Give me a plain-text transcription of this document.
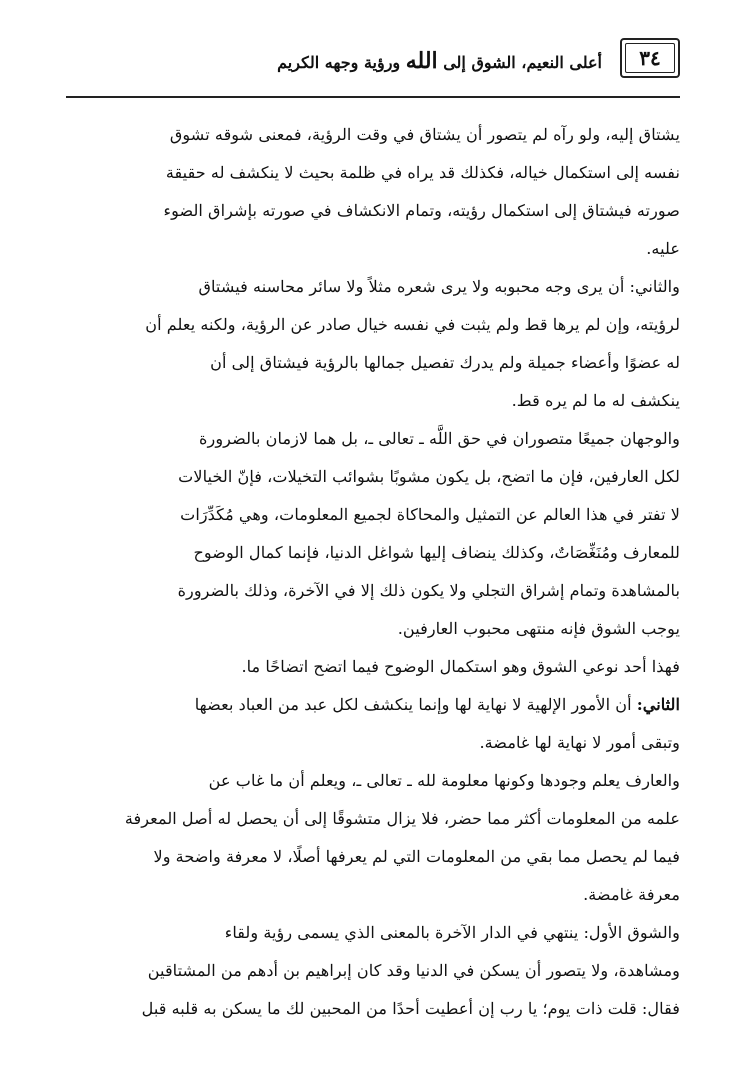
٣٤
أعلى النعيم، الشوق إلى الله ورؤية وجهه الكريم
يشتاق إليه، ولو رآه لم يتصور أن يشتاق في وقت الرؤية، فمعنى شوقه تشوق
نفسه إلى استكمال خياله، فكذلك قد يراه في ظلمة بحيث لا ينكشف له حقيقة
صورته فيشتاق إلى استكمال رؤيته، وتمام الانكشاف في صورته بإشراق الضوء
عليه.
والثاني: أن يرى وجه محبوبه ولا يرى شعره مثلاً ولا سائر محاسنه فيشتاق
لرؤيته، وإن لم يرها قط ولم يثبت في نفسه خيال صادر عن الرؤية، ولكنه يعلم أن
له عضوًا وأعضاء جميلة ولم يدرك تفصيل جمالها بالرؤية فيشتاق إلى أن
ينكشف له ما لم يره قط.
والوجهان جميعًا متصوران في حق اللَّه ـ تعالى ـ، بل هما لازمان بالضرورة
لكل العارفين، فإن ما اتضح، بل يكون مشوبًا بشوائب التخيلات، فإنّ الخيالات
لا تفتر في هذا العالم عن التمثيل والمحاكاة لجميع المعلومات، وهي مُكَدِّرَات
للمعارف ومُنَغِّصَاتٌ، وكذلك ينضاف إليها شواغل الدنيا، فإنما كمال الوضوح
بالمشاهدة وتمام إشراق التجلي ولا يكون ذلك إلا في الآخرة، وذلك بالضرورة
يوجب الشوق فإنه منتهى محبوب العارفين.
فهذا أحد نوعي الشوق وهو استكمال الوضوح فيما اتضح اتضاحًا ما.
الثاني: أن الأمور الإلهية لا نهاية لها وإنما ينكشف لكل عبد من العباد بعضها
وتبقى أمور لا نهاية لها غامضة.
والعارف يعلم وجودها وكونها معلومة لله ـ تعالى ـ، ويعلم أن ما غاب عن
علمه من المعلومات أكثر مما حضر، فلا يزال متشوقًا إلى أن يحصل له أصل المعرفة
فيما لم يحصل مما بقي من المعلومات التي لم يعرفها أصلًا، لا معرفة واضحة ولا
معرفة غامضة.
والشوق الأول: ينتهي في الدار الآخرة بالمعنى الذي يسمى رؤية ولقاء
ومشاهدة، ولا يتصور أن يسكن في الدنيا وقد كان إبراهيم بن أدهم من المشتاقين
فقال: قلت ذات يوم؛ يا رب إن أعطيت أحدًا من المحبين لك ما يسكن به قلبه قبل
